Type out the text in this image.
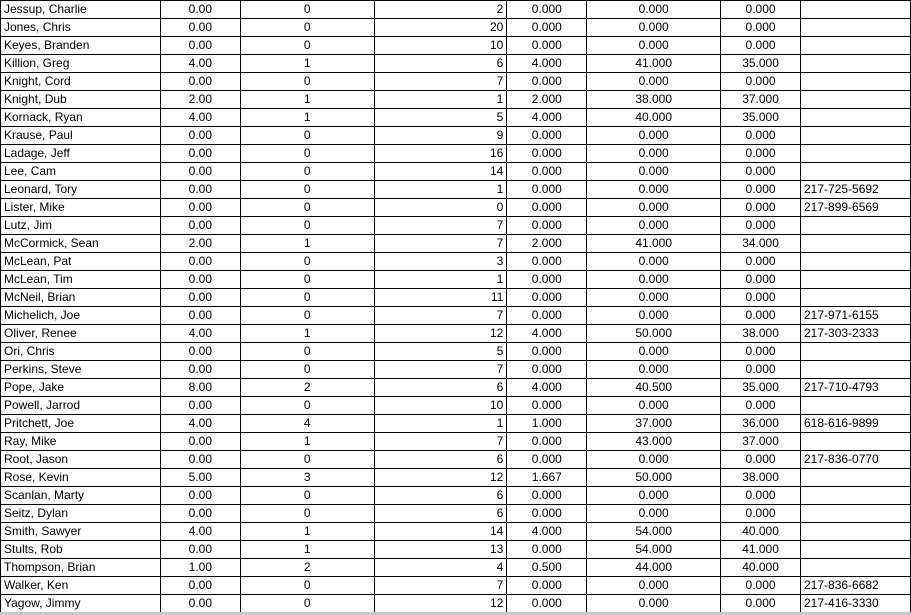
Jessup, Charlie	0.00	0	2	0.000	0.000	0.000	
Jones, Chris	0.00	0	20	0.000	0.000	0.000	
Keyes, Branden	0.00	0	10	0.000	0.000	0.000	
Killion, Greg	4.00	1	6	4.000	41.000	35.000	
Knight, Cord	0.00	0	7	0.000	0.000	0.000	
Knight, Dub	2.00	1	1	2.000	38.000	37.000	
Kornack, Ryan	4.00	1	5	4.000	40.000	35.000	
Krause, Paul	0.00	0	9	0.000	0.000	0.000	
Ladage, Jeff	0.00	0	16	0.000	0.000	0.000	
Lee, Cam	0.00	0	14	0.000	0.000	0.000	
Leonard, Tory	0.00	0	1	0.000	0.000	0.000	217-725-5692
Lister, Mike	0.00	0	0	0.000	0.000	0.000	217-899-6569
Lutz, Jim	0.00	0	7	0.000	0.000	0.000	
McCormick, Sean	2.00	1	7	2.000	41.000	34.000	
McLean, Pat	0.00	0	3	0.000	0.000	0.000	
McLean, Tim	0.00	0	1	0.000	0.000	0.000	
McNeil, Brian	0.00	0	11	0.000	0.000	0.000	
Michelich, Joe	0.00	0	7	0.000	0.000	0.000	217-971-6155
Oliver, Renee	4.00	1	12	4.000	50.000	38.000	217-303-2333
Ori, Chris	0.00	0	5	0.000	0.000	0.000	
Perkins, Steve	0.00	0	7	0.000	0.000	0.000	
Pope, Jake	8.00	2	6	4.000	40.500	35.000	217-710-4793
Powell, Jarrod	0.00	0	10	0.000	0.000	0.000	
Pritchett, Joe	4.00	4	1	1.000	37.000	36.000	618-616-9899
Ray, Mike	0.00	1	7	0.000	43.000	37.000	
Root, Jason	0.00	0	6	0.000	0.000	0.000	217-836-0770
Rose, Kevin	5.00	3	12	1.667	50.000	38.000	
Scanlan, Marty	0.00	0	6	0.000	0.000	0.000	
Seitz, Dylan	0.00	0	6	0.000	0.000	0.000	
Smith, Sawyer	4.00	1	14	4.000	54.000	40.000	
Stults, Rob	0.00	1	13	0.000	54.000	41.000	
Thompson, Brian	1.00	2	4	0.500	44.000	40.000	
Walker, Ken	0.00	0	7	0.000	0.000	0.000	217-836-6682
Yagow, Jimmy	0.00	0	12	0.000	0.000	0.000	217-416-3330
